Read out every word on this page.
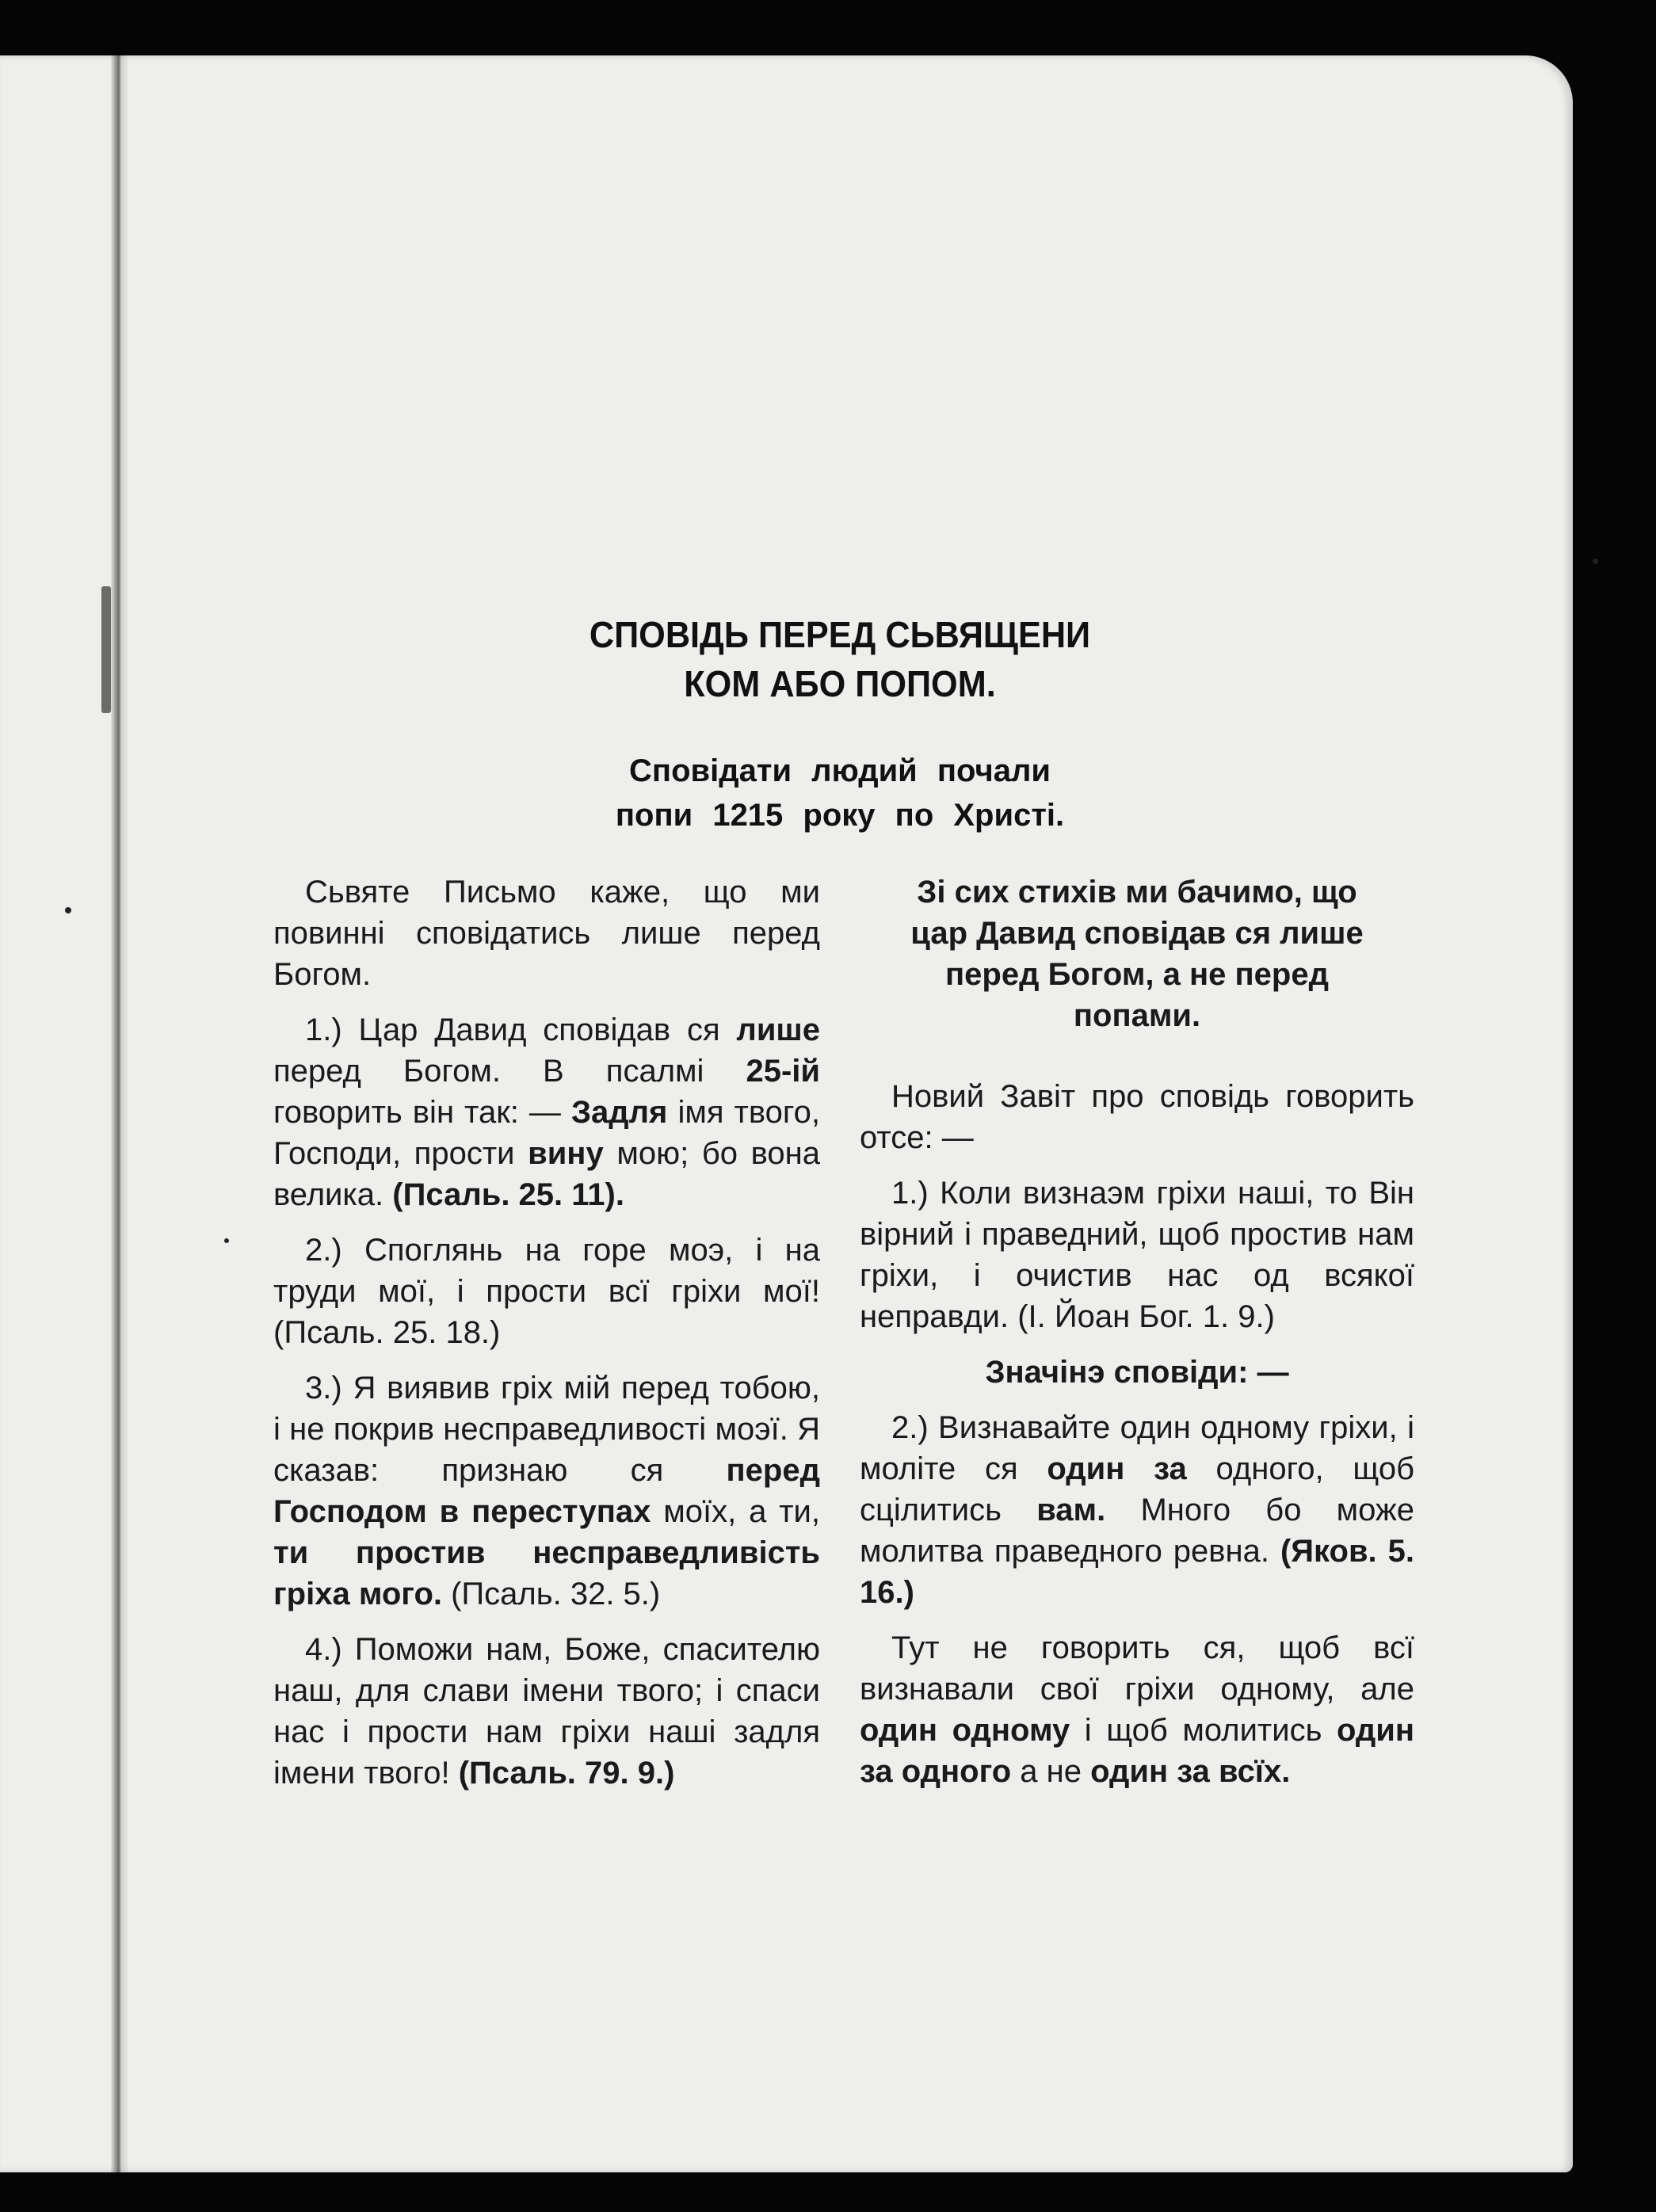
СПОВІДЬ ПЕРЕД СЬВЯЩЕНИ
КОМ АБО ПОПОМ.
Сповідати людий почали
попи 1215 року по Христі.

Сьвяте Письмо каже, що ми повинні сповідатись лише перед Богом.

1.) Цар Давид сповідав ся лише перед Богом. В псалмі 25-ій говорить він так: — Задля імя твого, Господи, прости вину мою; бо вона велика. (Псаль. 25. 11).

2.) Споглянь на горе моэ, і на труди мої, і прости всї гріхи мої! (Псаль. 25. 18.)

3.) Я виявив гріх мій перед тобою, і не покрив несправедливості моэї. Я сказав: признаю ся перед Господом в переступах моїх, а ти, ти простив несправедливість гріха мого. (Псаль. 32. 5.)

4.) Поможи нам, Боже, спасителю наш, для слави імени твого; і спаси нас і прости нам гріхи наші задля імени твого! (Псаль. 79. 9.)

Зі сих стихів ми бачимо, що
цар Давид сповідав ся лише
перед Богом, а не перед
попами.

Новий Завіт про сповідь говорить отсе: —

1.) Коли визнаэм гріхи наші, то Він вірний і праведний, щоб простив нам гріхи, і очистив нас од всякої неправди. (І. Йоан Бог. 1. 9.)

Значінэ сповіди: —

2.) Визнавайте один одному гріхи, і моліте ся один за одного, щоб сцілитись вам. Много бо може молитва праведного ревна. (Яков. 5. 16.)

Тут не говорить ся, щоб всї визнавали свої гріхи одному, але один одному і щоб молитись один за одного а не один за всїх.
